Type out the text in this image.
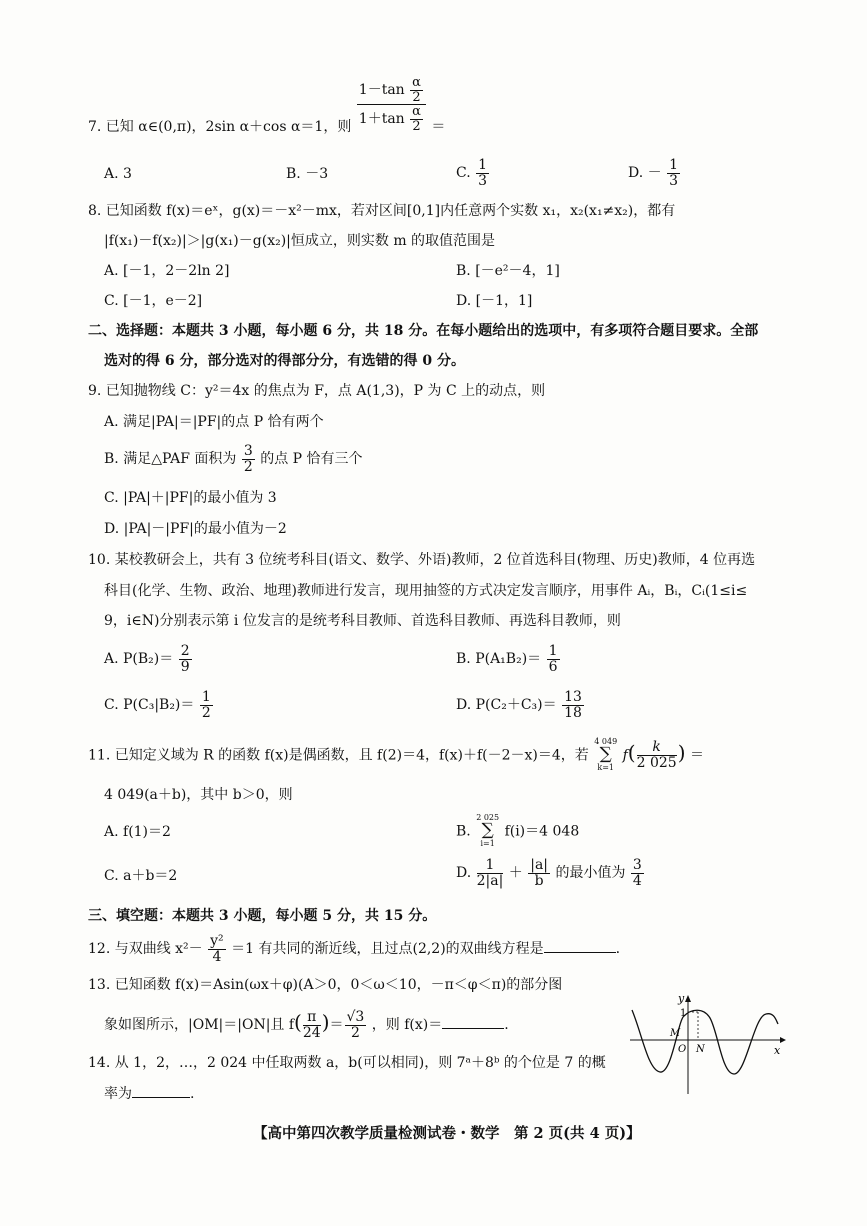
7. 已知 α∈(0,π)，2sin α＋cos α＝1，则 $\frac{1-\tan \frac{\alpha}{2}}{1+\tan \frac{\alpha}{2}}$ ＝
A. 3	B. －3	C. $\frac{1}{3}$	D. － $\frac{1}{3}$
8. 已知函数 f(x)＝eˣ，g(x)＝－x²－mx，若对区间[0,1]内任意两个实数 x₁，x₂(x₁≠x₂)，都有
|f(x₁)－f(x₂)|＞|g(x₁)－g(x₂)|恒成立，则实数 m 的取值范围是
A. [－1，2－2ln 2]	B. [－e²－4，1]
C. [－1，e－2]	D. [－1，1]
二、选择题：本题共 3 小题，每小题 6 分，共 18 分。在每小题给出的选项中，有多项符合题目要求。全部
选对的得 6 分，部分选对的得部分分，有选错的得 0 分。
9. 已知抛物线 C：y²＝4x 的焦点为 F，点 A(1,3)，P 为 C 上的动点，则
A. 满足|PA|＝|PF|的点 P 恰有两个
B. 满足△PAF 面积为 $\frac{3}{2}$ 的点 P 恰有三个
C. |PA|＋|PF|的最小值为 3
D. |PA|－|PF|的最小值为－2
10. 某校教研会上，共有 3 位统考科目(语文、数学、外语)教师，2 位首选科目(物理、历史)教师，4 位再选
科目(化学、生物、政治、地理)教师进行发言，现用抽签的方式决定发言顺序，用事件 Aᵢ，Bᵢ，Cᵢ(1≤i≤
9，i∈N)分别表示第 i 位发言的是统考科目教师、首选科目教师、再选科目教师，则
A. $P(B_2)= \frac{2}{9}$	B. $P(A_1B_2)= \frac{1}{6}$
C. $P(C_3|B_2)= \frac{1}{2}$	D. $P(C_2+C_3)= \frac{13}{18}$
11. 已知定义域为 R 的函数 f(x)是偶函数，且 f(2)＝4，f(x)＋f(－2－x)＝4，若
4 049
∑
k=1
$f( \frac{k}{2 025}$ ) ＝
4 049(a＋b)，其中 b＞0，则
A. f(1)＝2	B.
2 025
∑
i=1
f(i)＝4 048
C. a＋b＝2	D. $\frac{1}{2|a|} + \frac{|a|}{b}$ 的最小值为 $\frac{3}{4}$
三、填空题：本题共 3 小题，每小题 5 分，共 15 分。
12. 与双曲线 $x^2- \frac{\text{y²}}{4} =1$ 有共同的渐近线，且过点(2,2)的双曲线方程是	.
13. 已知函数 f(x)＝Asin(ωx＋φ)(A＞0，0＜ω＜10，－π＜φ＜π)的部分图
象如图所示，|OM|＝|ON|且 $f( \frac{\pi}{24}$ )＝ $\frac{√3}{2}$ ，则 f(x)＝	.
y
x
1
M
O N
14. 从 1，2，…，2 024 中任取两数 a，b(可以相同)，则 7ᵃ＋8ᵇ 的个位是 7 的概
率为	.
【高中第四次教学质量检测试卷・数学　第 2 页(共 4 页)】
